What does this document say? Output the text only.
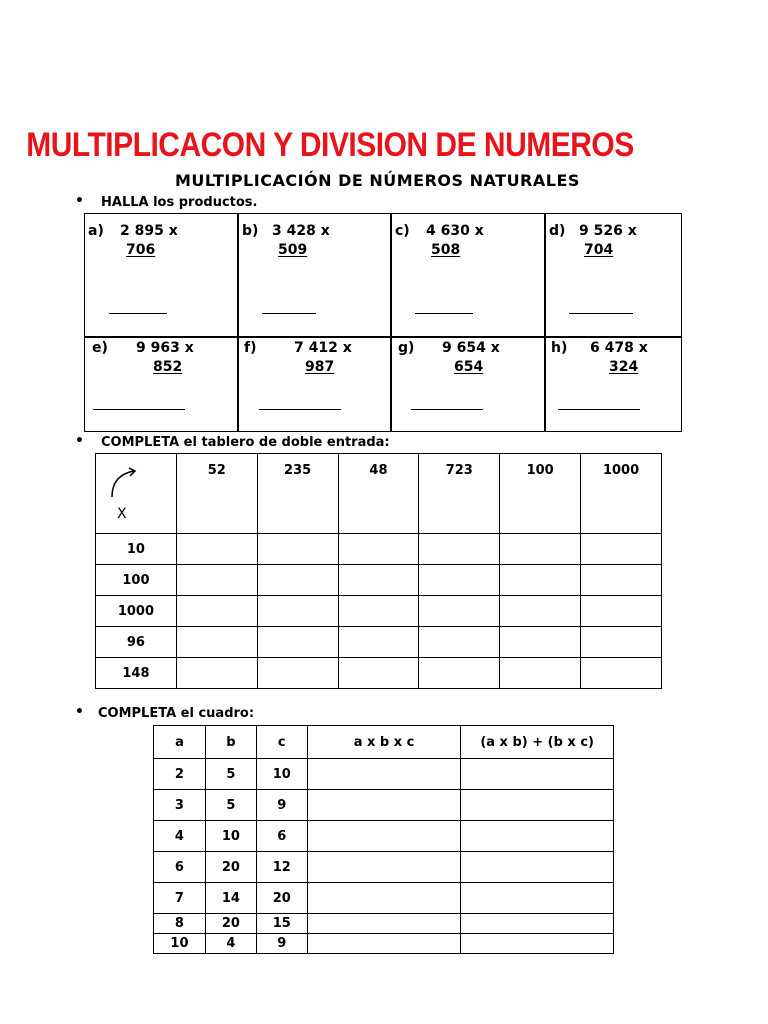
MULTIPLICACON Y DIVISION DE NUMEROS
MULTIPLICACIÓN DE NÚMEROS NATURALES
• HALLA los productos.
a) 2 895 x
706
b) 3 428 x
509
c) 4 630 x
508
d) 9 526 x
704
e) 9 963 x
852
f)	7 412 x
987
g) 9 654 x
654
h) 6 478 x
324
• COMPLETA el tablero de doble entrada:
X	52	235	48	723	100	1000
10						
100						
1000						
96						
148						
• COMPLETA el cuadro:
a	b	c	a x b x c	(a x b) + (b x c)
2	5	10		
3	5	9		
4	10	6		
6	20	12		
7	14	20		
8	20	15		
10	4	9		
